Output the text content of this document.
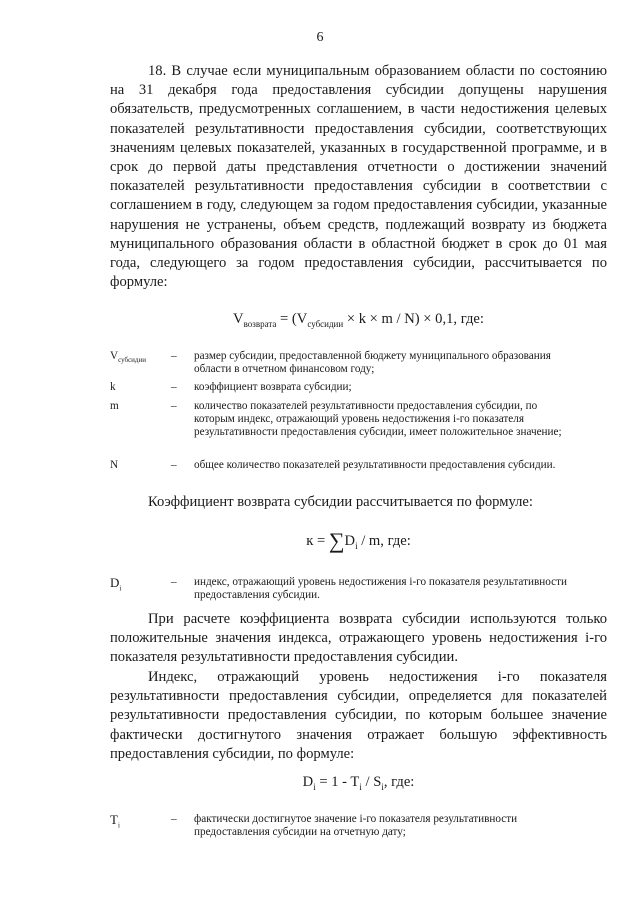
6

18. В случае если муниципальным образованием области по состоянию на 31 декабря года предоставления субсидии допущены нарушения обязательств, предусмотренных соглашением, в части недостижения целевых показателей результативности предоставления субсидии, соответствующих значениям целевых показателей, указанных в государственной программе, и в срок до первой даты представления отчетности о достижении значений показателей результативности предоставления субсидии в соответствии с соглашением в году, следующем за годом предоставления субсидии, указанные нарушения не устранены, объем средств, подлежащий возврату из бюджета муниципального образования области в областной бюджет в срок до 01 мая года, следующего за годом предоставления субсидии, рассчитывается по формуле:

$V_{возврата} = (V_{субсидии} \times k \times m / N) \times 0,1$, где:
$V_{субсидии}$	– размер субсидии, предоставленной бюджету муниципального образования области в отчетном финансовом году;
k	– коэффициент возврата субсидии;
m	– количество показателей результативности предоставления субсидии, по которым индекс, отражающий уровень недостижения i-го показателя результативности предоставления субсидии, имеет положительное значение;
N	– общее количество показателей результативности предоставления субсидии.

Коэффициент возврата субсидии рассчитывается по формуле:

$к = \sum D_i / m$, где:
$D_i$
– индекс, отражающий уровень недостижения i-го показателя результативности предоставления субсидии.

При расчете коэффициента возврата субсидии используются только положительные значения индекса, отражающего уровень недостижения i-го показателя результативности предоставления субсидии.

Индекс, отражающий уровень недостижения i-го показателя результативности предоставления субсидии, определяется для показателей результативности предоставления субсидии, по которым большее значение фактически достигнутого значения отражает большую эффективность предоставления субсидии, по формуле:

$D_i = 1 - T_i / S_i$, где:
$T_i$
– фактически достигнутое значение i-го показателя результативности предоставления субсидии на отчетную дату;
